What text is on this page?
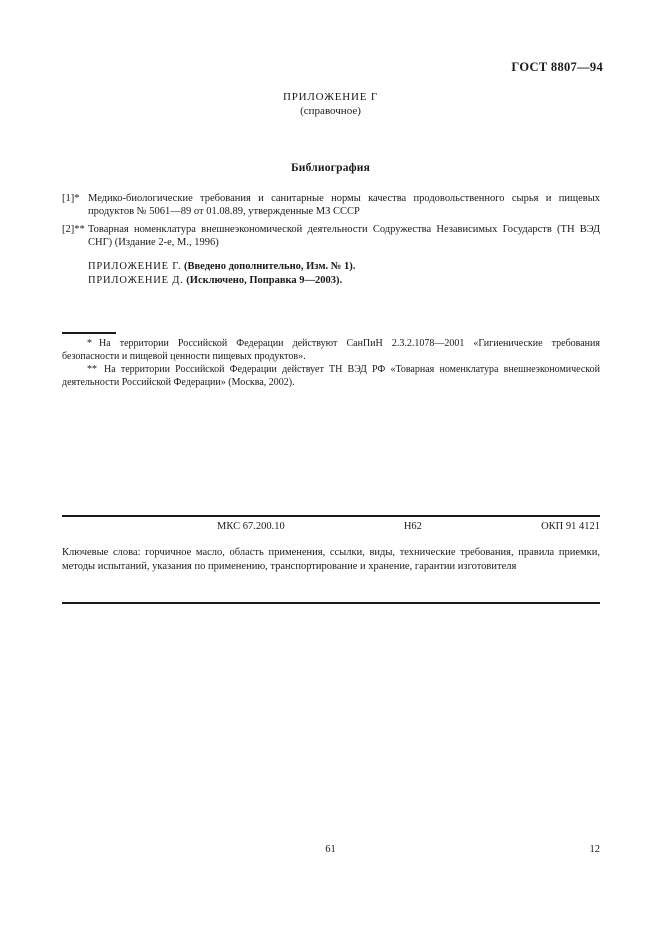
ГОСТ 8807—94
ПРИЛОЖЕНИЕ Г
(справочное)
Библиография

[1]* Медико-биологические требования и санитарные нормы качества продовольственного сырья и пищевых продуктов № 5061—89 от 01.08.89, утвержденные МЗ СССР

[2]** Товарная номенклатура внешнеэкономической деятельности Содружества Независимых Государств (ТН ВЭД СНГ) (Издание 2-е, М., 1996)

ПРИЛОЖЕНИЕ Г. (Введено дополнительно, Изм. № 1).
ПРИЛОЖЕНИЕ Д. (Исключено, Поправка 9—2003).

* На территории Российской Федерации действуют СанПиН 2.3.2.1078—2001 «Гигиенические требования безопасности и пищевой ценности пищевых продуктов».

** На территории Российской Федерации действует ТН ВЭД РФ «Товарная номенклатура внешнеэкономической деятельности Российской Федерации» (Москва, 2002).

МКС 67.200.10	Н62	ОКП 91 4121
Ключевые слова: горчичное масло, область применения, ссылки, виды, технические требования, правила приемки, методы испытаний, указания по применению, транспортирование и хранение, гарантии изготовителя
61	12
